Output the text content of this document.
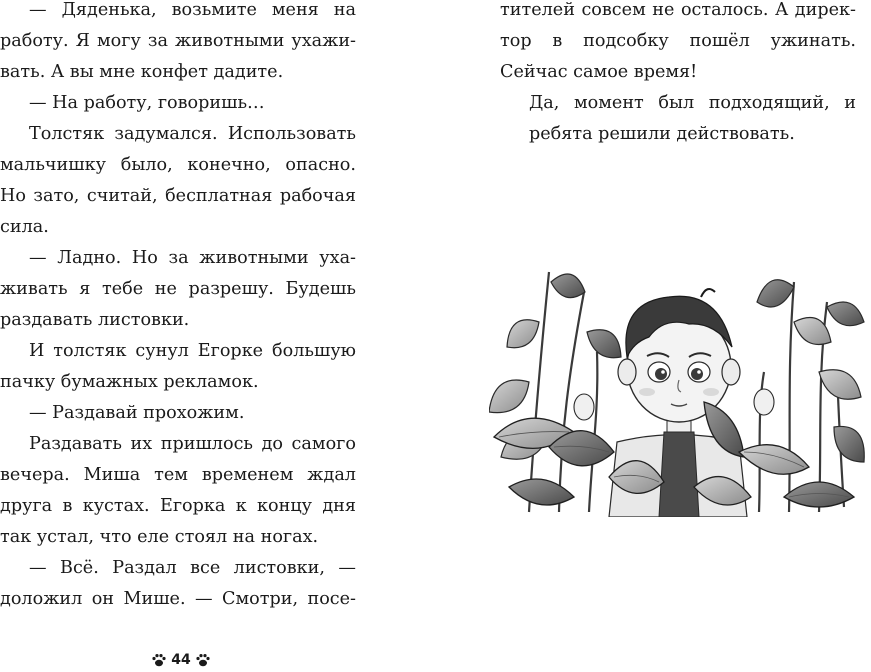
— Дяденька, возьмите меня на
работу. Я могу за животными ухажи-
вать. А вы мне конфет дадите.
— На работу, говоришь…
Толстяк задумался. Использовать
мальчишку было, конечно, опасно.
Но зато, считай, бесплатная рабочая
сила.
— Ладно. Но за животными уха-
живать я тебе не разрешу. Будешь
раздавать листовки.
И толстяк сунул Егорке большую
пачку бумажных рекламок.
— Раздавай прохожим.
Раздавать их пришлось до самого
вечера. Миша тем временем ждал
друга в кустах. Егорка к концу дня
так устал, что еле стоял на ногах.
— Всё. Раздал все листовки, —
доложил он Мише. — Смотри, посе-
тителей совсем не осталось. А дирек-
тор в подсобку пошёл ужинать.
Сейчас самое время!
Да, момент был подходящий, и
ребята решили действовать.
44
